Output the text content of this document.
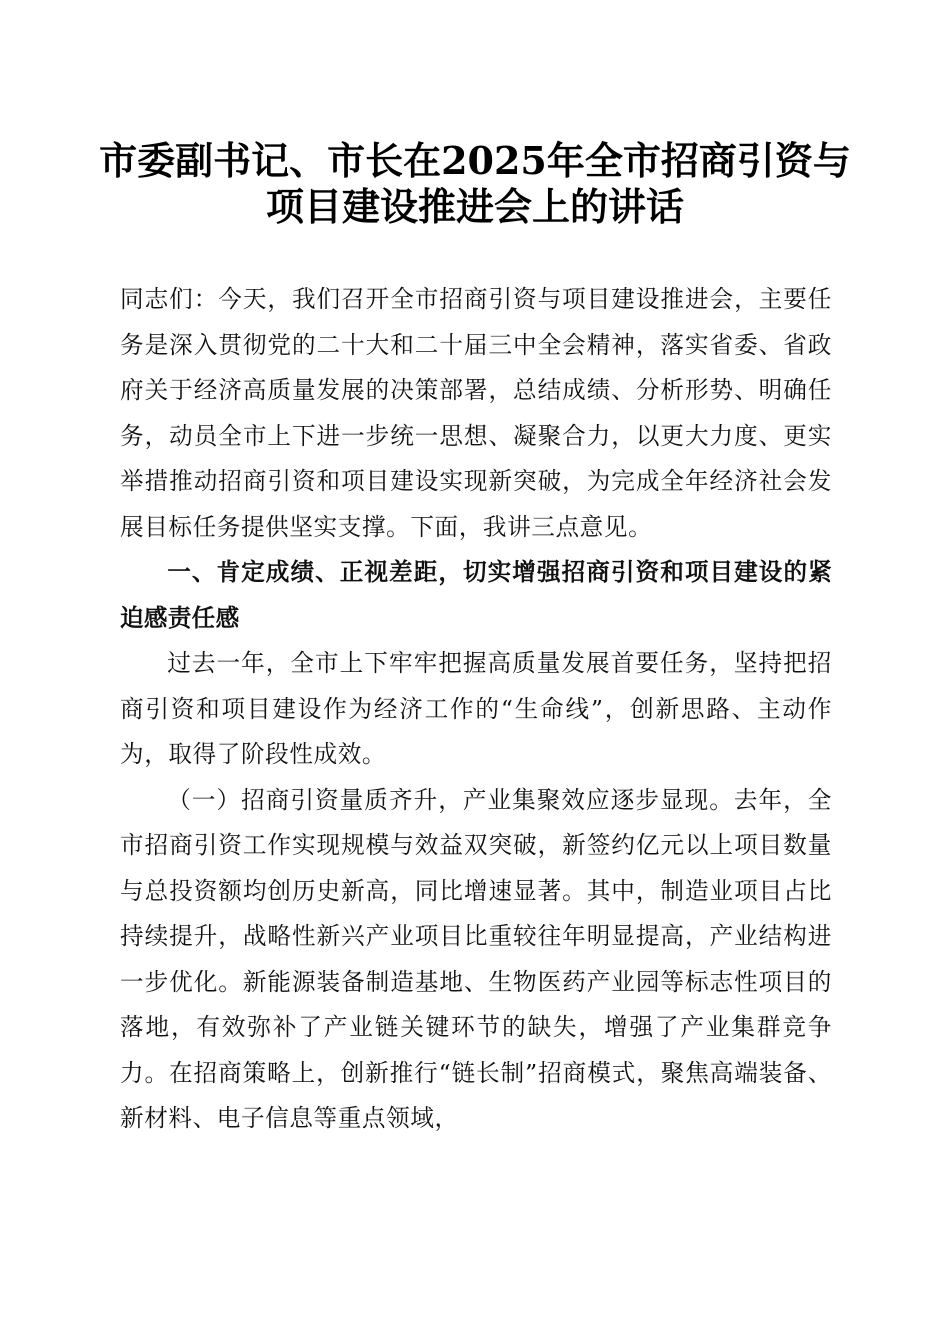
市委副书记、市长在2025年全市招商引资与
项目建设推进会上的讲话

同志们：今天，我们召开全市招商引资与项目建设推进会，主要任务是深入贯彻党的二十大和二十届三中全会精神，落实省委、省政府关于经济高质量发展的决策部署，总结成绩、分析形势、明确任务，动员全市上下进一步统一思想、凝聚合力，以更大力度、更实举措推动招商引资和项目建设实现新突破，为完成全年经济社会发展目标任务提供坚实支撑。下面，我讲三点意见。

一、肯定成绩、正视差距，切实增强招商引资和项目建设的紧迫感责任感

过去一年，全市上下牢牢把握高质量发展首要任务，坚持把招商引资和项目建设作为经济工作的“生命线”，创新思路、主动作为，取得了阶段性成效。

（一）招商引资量质齐升，产业集聚效应逐步显现。去年，全市招商引资工作实现规模与效益双突破，新签约亿元以上项目数量与总投资额均创历史新高，同比增速显著。其中，制造业项目占比持续提升，战略性新兴产业项目比重较往年明显提高，产业结构进一步优化。新能源装备制造基地、生物医药产业园等标志性项目的落地，有效弥补了产业链关键环节的缺失，增强了产业集群竞争力。在招商策略上，创新推行“链长制”招商模式，聚焦高端装备、新材料、电子信息等重点领域，
